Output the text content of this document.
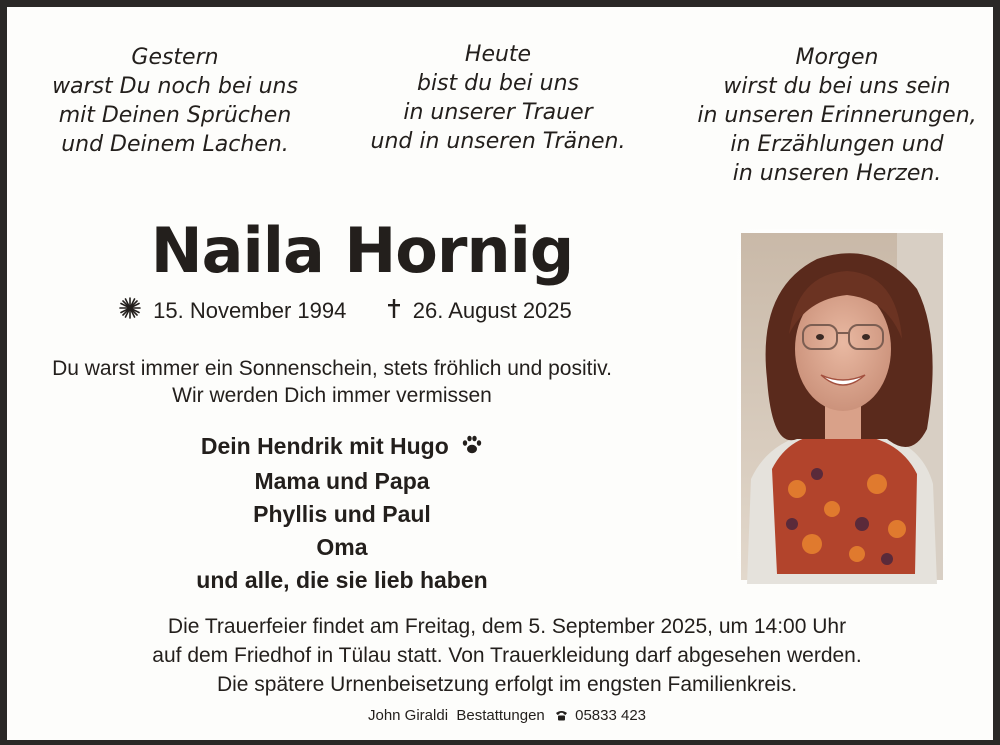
Gestern
warst Du noch bei uns
mit Deinen Sprüchen
und Deinem Lachen.
Heute
bist du bei uns
in unserer Trauer
und in unseren Tränen.
Morgen
wirst du bei uns sein
in unseren Erinnerungen,
in Erzählungen und
in unseren Herzen.
Naila Hornig
15. November 1994	26. August 2025
Du warst immer ein Sonnenschein, stets fröhlich und positiv.
Wir werden Dich immer vermissen
Dein Hendrik mit Hugo
Mama und Papa
Phyllis und Paul
Oma
und alle, die sie lieb haben
Die Trauerfeier findet am Freitag, dem 5. September 2025, um 14:00 Uhr
auf dem Friedhof in Tülau statt. Von Trauerkleidung darf abgesehen werden.
Die spätere Urnenbeisetzung erfolgt im engsten Familienkreis.
John Giraldi  Bestattungen 05833 423
